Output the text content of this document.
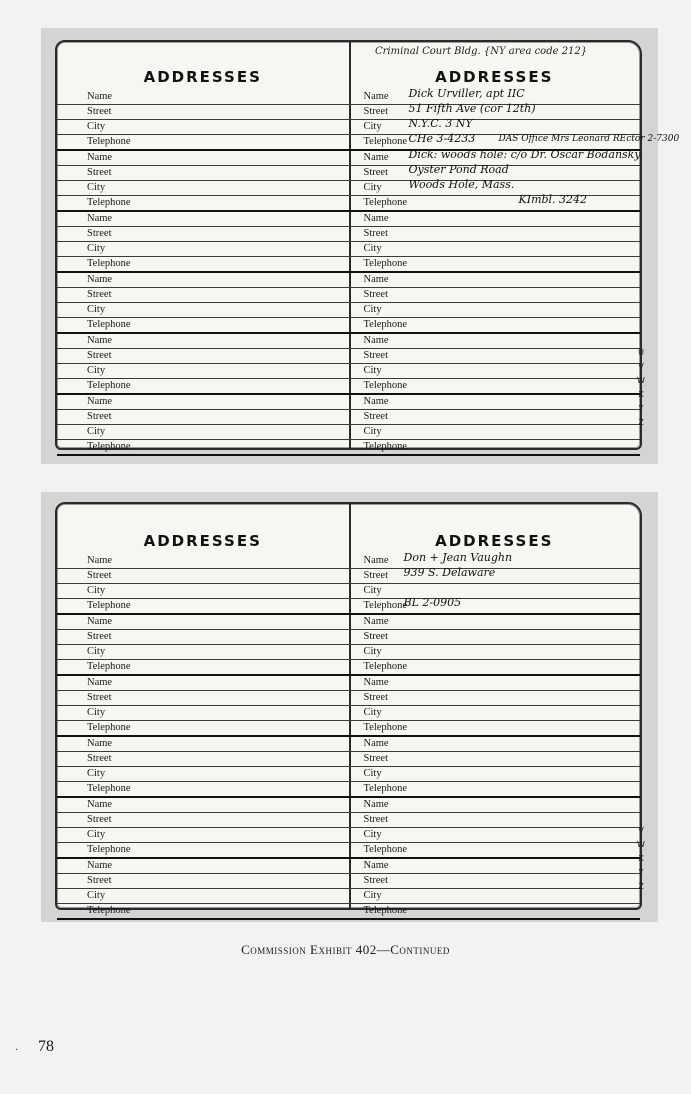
Criminal Court Bldg. {NY area code 212}
ADDRESSES
Name
Street
City
Telephone
Name
Street
City
Telephone
Name
Street
City
Telephone
Name
Street
City
Telephone
Name
Street
City
Telephone
Name
Street
City
Telephone
ADDRESSES
Name Dick Urviller, apt IIC
Street 51 Fifth Ave (cor 12th)
City N.Y.C. 3 NY
Telephone CHe 3-4233	DAS Office Mrs Leonard REctor 2-7300
Name Dick: woods hole: c/o Dr. Oscar Bodansky
Street Oyster Pond Road
City Woods Hole, Mass.
Telephone	KImbl. 3242
Name
Street
City
Telephone
Name
Street
City
Telephone
Name
Street
City
Telephone
Name
Street
City
Telephone
U
V
W
X
Y
Z
ADDRESSES
Name
Street
City
Telephone
Name
Street
City
Telephone
Name
Street
City
Telephone
Name
Street
City
Telephone
Name
Street
City
Telephone
Name
Street
City
Telephone
ADDRESSES
Name Don + Jean Vaughn
Street 939 S. Delaware
City
Telephone
BL 2-0905
Name
Street
City
Telephone
Name
Street
City
Telephone
Name
Street
City
Telephone
Name
Street
City
Telephone
Name
Street
City
Telephone
V
W
X
Y
Z
Commission Exhibit 402—Continued
· 78
